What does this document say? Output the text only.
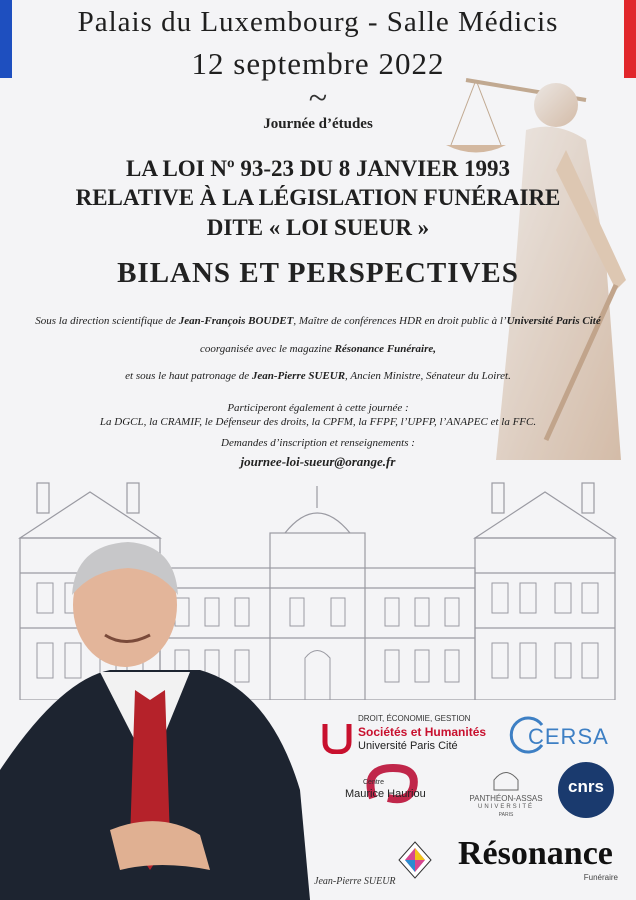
Palais du Luxembourg - Salle Médicis
12 septembre 2022
~
Journée d’études
LA LOI Nº 93-23 DU 8 JANVIER 1993
RELATIVE À LA LÉGISLATION FUNÉRAIRE
DITE « LOI SUEUR »
BILANS ET PERSPECTIVES
Sous la direction scientifique de Jean-François BOUDET, Maître de conférences HDR en droit public à l’Université Paris Cité
coorganisée avec le magazine Résonance Funéraire,
et sous le haut patronage de Jean-Pierre SUEUR, Ancien Ministre, Sénateur du Loiret.
Participeront également à cette journée :
La DGCL, la CRAMIF, le Défenseur des droits, la CPFM, la FFPF, l’UPFP, l’ANAPEC et la FFC.
Demandes d’inscription et renseignements :
journee-loi-sueur@orange.fr
Jean-Pierre SUEUR
DROIT, ÉCONOMIE, GESTION
Sociétés et Humanités
Université Paris Cité	CERSA
Centre
Maurice Hauriou	PANTHÉON-ASSAS
UNIVERSITÉ
PARIS
cnrs
Résonance
Funéraire
